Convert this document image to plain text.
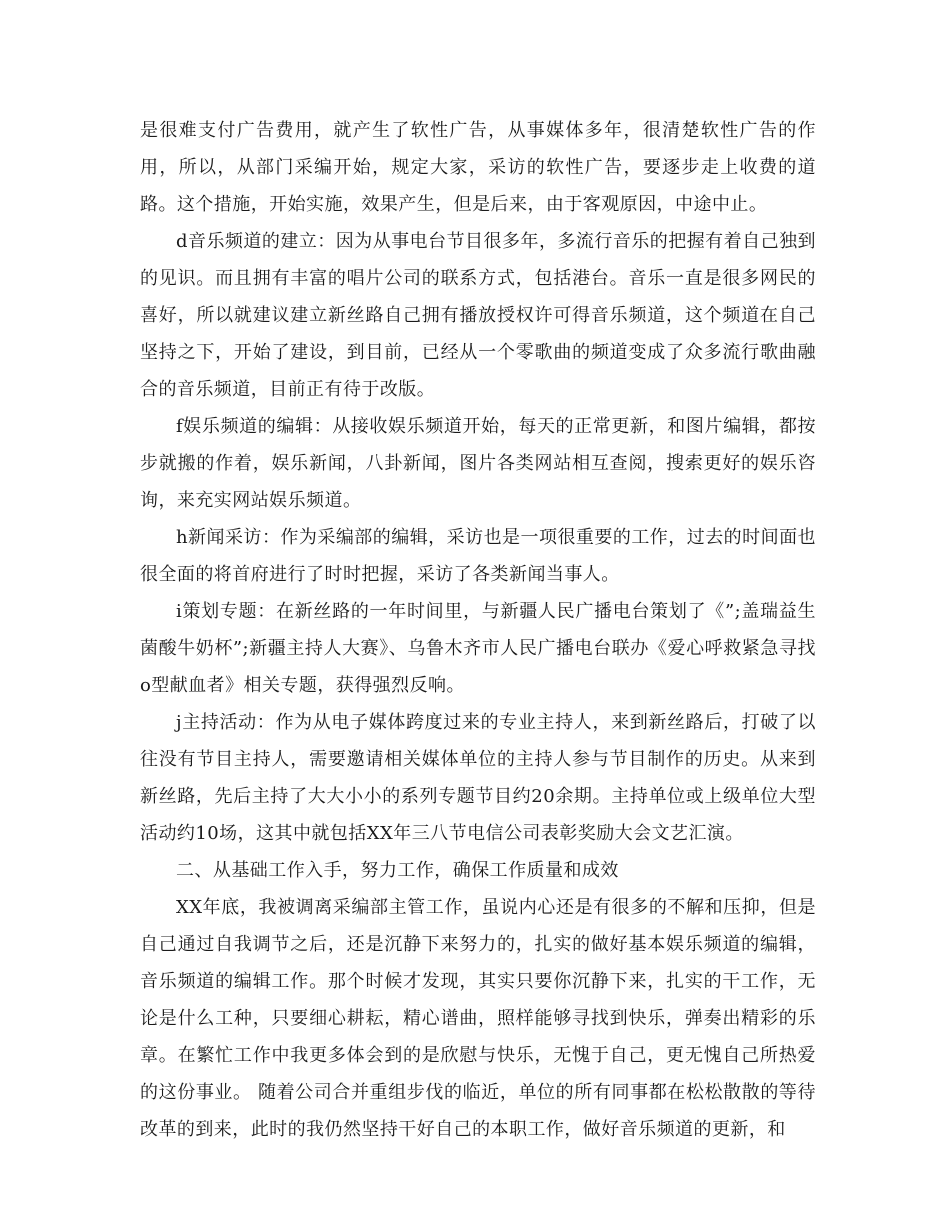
是很难支付广告费用，就产生了软性广告，从事媒体多年，很清楚软性广告的作用，所以，从部门采编开始，规定大家，采访的软性广告，要逐步走上收费的道路。这个措施，开始实施，效果产生，但是后来，由于客观原因，中途中止。

d音乐频道的建立：因为从事电台节目很多年，多流行音乐的把握有着自己独到的见识。而且拥有丰富的唱片公司的联系方式，包括港台。音乐一直是很多网民的喜好，所以就建议建立新丝路自己拥有播放授权许可得音乐频道，这个频道在自己坚持之下，开始了建设，到目前，已经从一个零歌曲的频道变成了众多流行歌曲融合的音乐频道，目前正有待于改版。

f娱乐频道的编辑：从接收娱乐频道开始，每天的正常更新，和图片编辑，都按步就搬的作着，娱乐新闻，八卦新闻，图片各类网站相互查阅，搜索更好的娱乐咨询，来充实网站娱乐频道。

h新闻采访：作为采编部的编辑，采访也是一项很重要的工作，过去的时间面也很全面的将首府进行了时时把握，采访了各类新闻当事人。

i策划专题：在新丝路的一年时间里，与新疆人民广播电台策划了《”;盖瑞益生菌酸牛奶杯”;新疆主持人大赛》、乌鲁木齐市人民广播电台联办《爱心呼救紧急寻找o型献血者》相关专题，获得强烈反响。

j主持活动：作为从电子媒体跨度过来的专业主持人，来到新丝路后，打破了以往没有节目主持人，需要邀请相关媒体单位的主持人参与节目制作的历史。从来到新丝路，先后主持了大大小小的系列专题节目约20余期。主持单位或上级单位大型活动约10场，这其中就包括XX年三八节电信公司表彰奖励大会文艺汇演。

二、从基础工作入手，努力工作，确保工作质量和成效

XX年底，我被调离采编部主管工作，虽说内心还是有很多的不解和压抑，但是自己通过自我调节之后，还是沉静下来努力的，扎实的做好基本娱乐频道的编辑，音乐频道的编辑工作。那个时候才发现，其实只要你沉静下来，扎实的干工作，无论是什么工种，只要细心耕耘，精心谱曲，照样能够寻找到快乐，弹奏出精彩的乐章。在繁忙工作中我更多体会到的是欣慰与快乐，无愧于自己，更无愧自己所热爱的这份事业。 随着公司合并重组步伐的临近，单位的所有同事都在松松散散的等待改革的到来，此时的我仍然坚持干好自己的本职工作，做好音乐频道的更新，和
